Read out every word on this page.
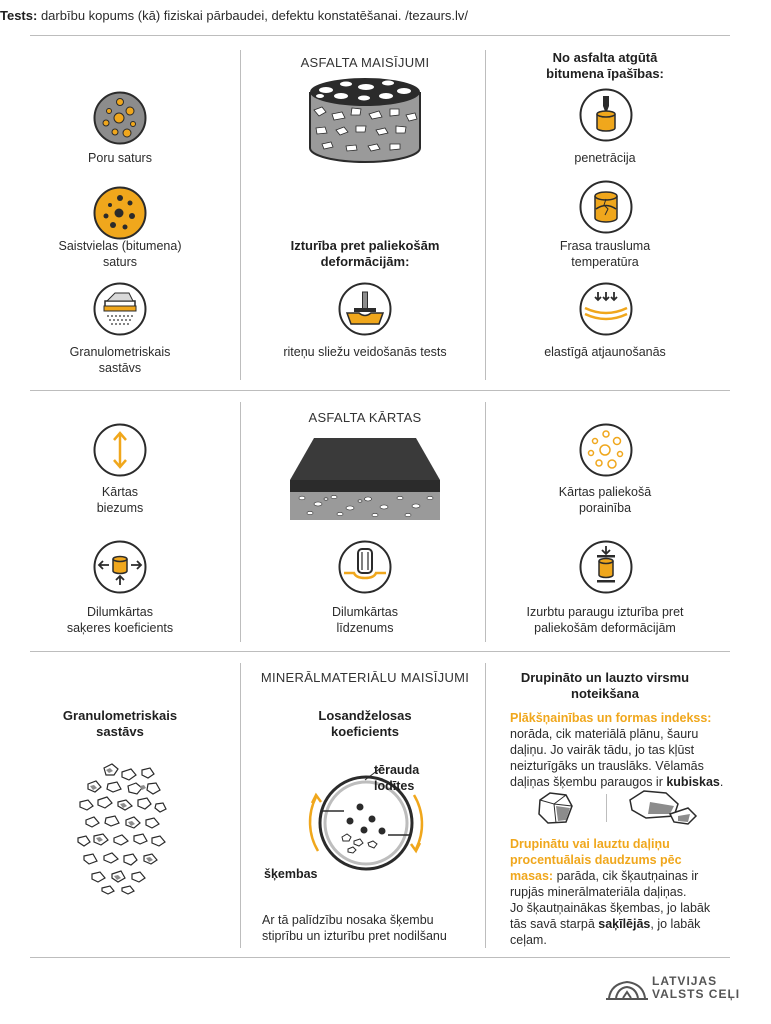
Tests: darbību kopums (kā) fiziskai pārbaudei, defektu konstatēšanai. /tezaurs.lv/
Poru saturs
Saistvielas (bitumena)
saturs
Granulometriskais
sastāvs
ASFALTA MAISĪJUMI
Izturība pret paliekošām
deformācijām:
riteņu sliežu veidošanās tests
No asfalta atgūtā
bitumena īpašības:
penetrācija
Frasa trausluma
temperatūra
elastīgā atjaunošanās
Kārtas
biezums
Dilumkārtas
saķeres koeficients
ASFALTA KĀRTAS
Dilumkārtas
līdzenums
Kārtas paliekošā
porainība
Izurbtu paraugu izturība pret
paliekošām deformācijām
Granulometriskais
sastāvs
MINERĀLMATERIĀLU MAISĪJUMI
Losandželosas
koeficients
tērauda
lodītes
šķembas
Ar tā palīdzību nosaka šķembu
stiprību un izturību pret nodilšanu
Drupināto un lauzto virsmu
noteikšana
Plākšņainības un formas indekss:
norāda, cik materiālā plānu, šauru
daļiņu. Jo vairāk tādu, jo tas kļūst
neizturīgāks un trauslāks. Vēlamās
daļiņas šķembu paraugos ir kubiskas.
Drupinātu vai lauztu daļiņu
procentuālais daudzums pēc
masas: parāda, cik šķautņainas ir
rupjās minerālmateriāla daļiņas.
Jo šķautņainākas šķembas, jo labāk
tās savā starpā saķīlējās, jo labāk
ceļam.
LATVIJAS
VALSTS CEĻI
